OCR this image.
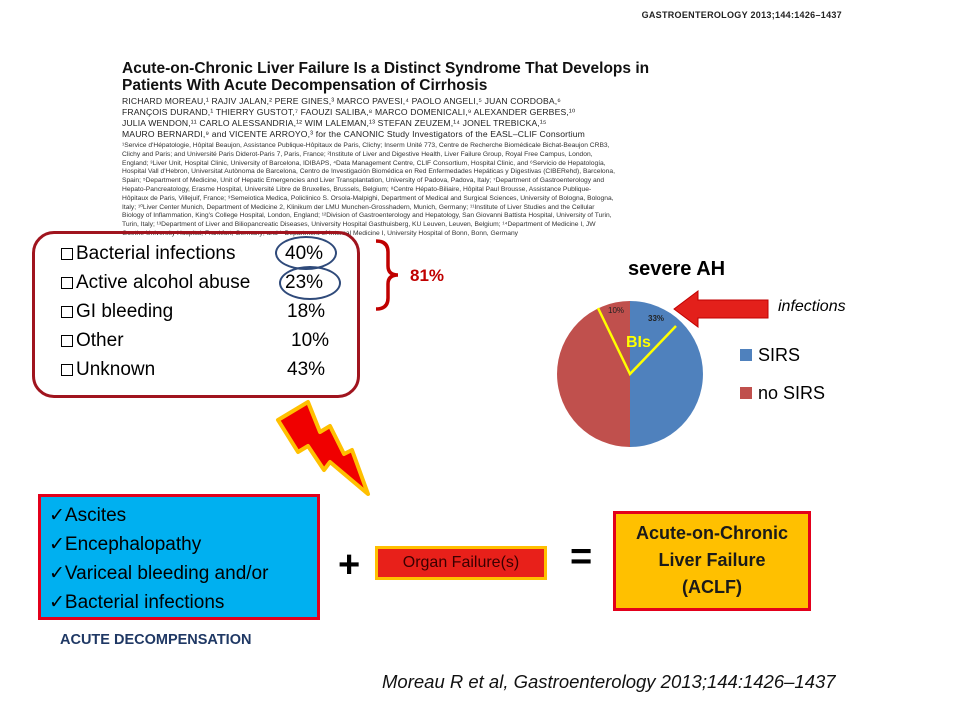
GASTROENTEROLOGY 2013;144:1426–1437
Acute-on-Chronic Liver Failure Is a Distinct Syndrome That Develops in
Patients With Acute Decompensation of Cirrhosis
RICHARD MOREAU,¹ RAJIV JALAN,² PERE GINES,³ MARCO PAVESI,⁴ PAOLO ANGELI,⁵ JUAN CORDOBA,⁶
FRANÇOIS DURAND,¹ THIERRY GUSTOT,⁷ FAOUZI SALIBA,⁸ MARCO DOMENICALI,⁹ ALEXANDER GERBES,¹⁰
JULIA WENDON,¹¹ CARLO ALESSANDRIA,¹² WIM LALEMAN,¹³ STEFAN ZEUZEM,¹⁴ JONEL TREBICKA,¹⁵
MAURO BERNARDI,⁹ and VICENTE ARROYO,³ for the CANONIC Study Investigators of the EASL–CLIF Consortium
¹Service d'Hépatologie, Hôpital Beaujon, Assistance Publique-Hôpitaux de Paris, Clichy; Inserm Unité 773, Centre de Recherche Biomédicale Bichat-Beaujon CRB3,
Clichy and Paris; and Université Paris Diderot-Paris 7, Paris, France; ²Institute of Liver and Digestive Health, Liver Failure Group, Royal Free Campus, London,
England; ³Liver Unit, Hospital Clinic, University of Barcelona, IDIBAPS, ⁴Data Management Centre, CLIF Consortium, Hospital Clinic, and ⁶Servicio de Hepatología,
Hospital Vall d'Hebron, Universitat Autònoma de Barcelona, Centro de Investigación Biomédica en Red Enfermedades Hepáticas y Digestivas (CIBERehd), Barcelona,
Spain; ⁵Department of Medicine, Unit of Hepatic Emergencies and Liver Transplantation, University of Padova, Padova, Italy; ⁷Department of Gastroenterology and
Hepato-Pancreatology, Erasme Hospital, Université Libre de Bruxelles, Brussels, Belgium; ⁸Centre Hépato-Biliaire, Hôpital Paul Brousse, Assistance Publique-
Hôpitaux de Paris, Villejuif, France; ⁹Semeiotica Medica, Policlinico S. Orsola-Malpighi, Department of Medical and Surgical Sciences, University of Bologna, Bologna,
Italy; ¹⁰Liver Center Munich, Department of Medicine 2, Klinikum der LMU Munchen-Grosshadern, Munich, Germany; ¹¹Institute of Liver Studies and the Cellular
Biology of Inflammation, King's College Hospital, London, England; ¹²Division of Gastroenterology and Hepatology, San Giovanni Battista Hospital, University of Turin,
Turin, Italy; ¹³Department of Liver and Biliopancreatic Diseases, University Hospital Gasthuisberg, KU Leuven, Leuven, Belgium; ¹⁴Department of Medicine I, JW
Goethe University Hospital, Frankfurt, Germany; and ¹⁵Department of Internal Medicine I, University Hospital of Bonn, Bonn, Germany
Bacterial infections	40%
Active alcohol abuse 23%
GI bleeding	18%
Other	10%
Unknown	43%
81%	severe AH
10%
33%
BIs
infections
SIRS
no SIRS
✓Ascites
✓Encephalopathy
✓Variceal bleeding and/or
✓Bacterial infections
ACUTE DECOMPENSATION
+	Organ Failure(s)	=
Acute-on-Chronic
Liver Failure
(ACLF)
Moreau R et al, Gastroenterology 2013;144:1426–1437
